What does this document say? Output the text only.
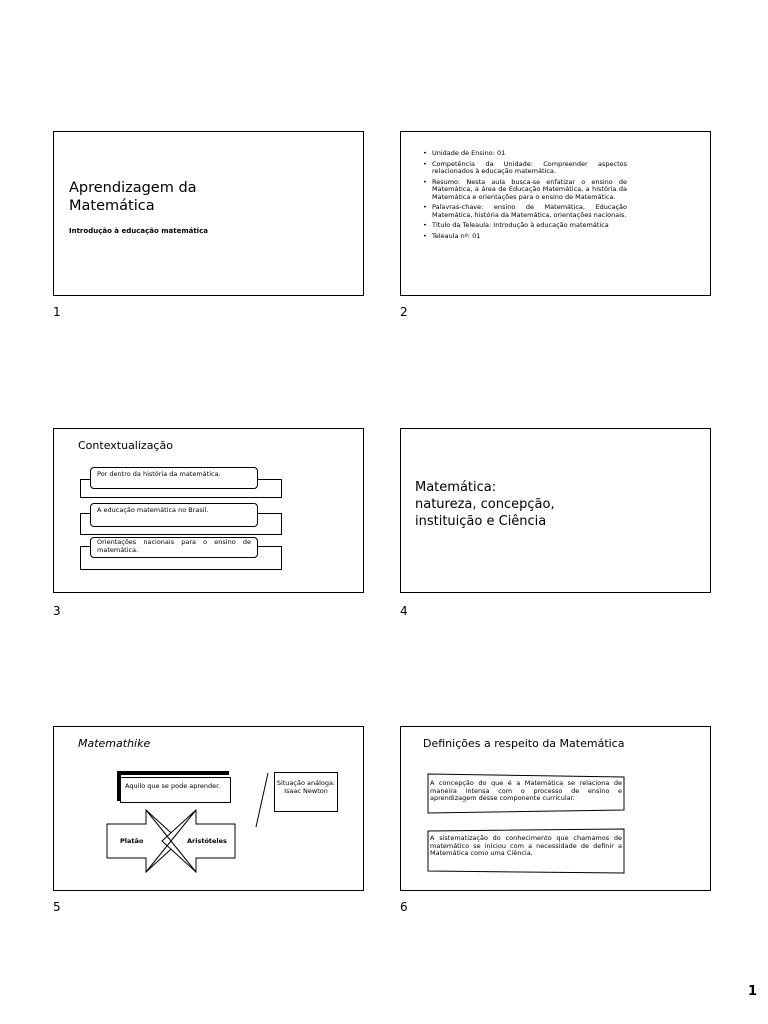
Aprendizagem da
Matemática
Introdução à educação matemática
1
• Unidade de Ensino: 01
• Competência da Unidade: Compreender aspectos relacionados à educação matemática.
• Resumo: Nesta aula busca-se enfatizar o ensino de Matemática, a área de Educação Matemática, a história da Matemática e orientações para o ensino de Matemática.
• Palavras-chave: ensino de Matemática, Educação Matemática, história da Matemática, orientações nacionais.
• Título da Teleaula: Introdução à educação matemática
• Teleaula nº: 01
2
Contextualização
Por dentro da história da matemática.
A educação matemática no Brasil.
Orientações nacionais para o ensino de matemática.
3
Matemática:
natureza, concepção,
instituição e Ciência
4
Matemathike
Aquilo que se pode aprender.	Situação análoga:
Isaac Newton
Platão	Aristóteles
5
Definições a respeito da Matemática
A concepção do que é a Matemática se relaciona de maneira intensa com o processo de ensino e aprendizagem desse componente curricular.
A sistematização do conhecimento que chamamos de matemático se iniciou com a necessidade de definir a Matemática como uma Ciência.
6
1
